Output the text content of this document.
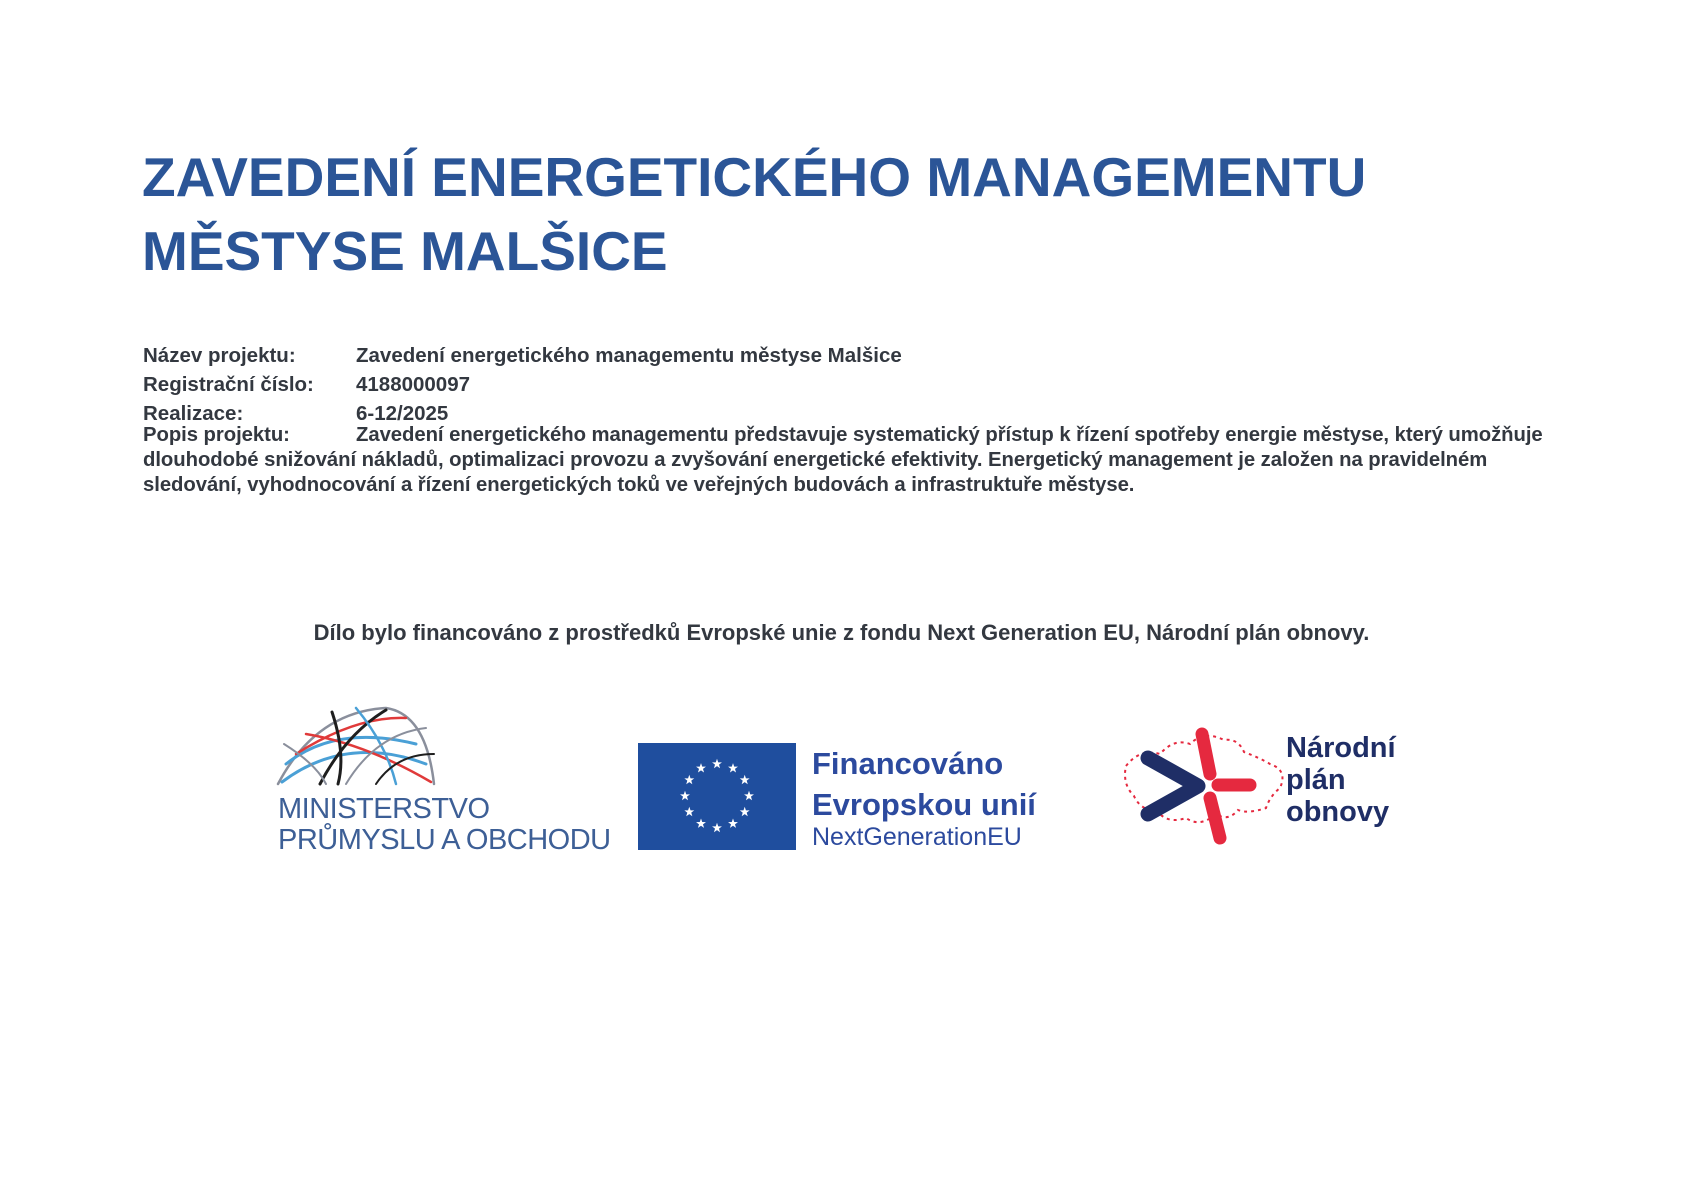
ZAVEDENÍ ENERGETICKÉHO MANAGEMENTU
MĚSTYSE MALŠICE
Název projektu:	Zavedení energetického managementu městyse Malšice
Registrační číslo:	4188000097
Realizace:	6-12/2025
Popis projektu:	Zavedení energetického managementu představuje systematický přístup k řízení spotřeby energie městyse, který umožňuje dlouhodobé snižování nákladů, optimalizaci provozu a zvyšování energetické efektivity. Energetický management je založen na pravidelném sledování, vyhodnocování a řízení energetických toků ve veřejných budovách a infrastruktuře městyse.
Dílo bylo financováno z prostředků Evropské unie z fondu Next Generation EU, Národní plán obnovy.
MINISTERSTVO
PRŮMYSLU A OBCHODU
Financováno
Evropskou unií
NextGenerationEU
Národní
plán
obnovy
